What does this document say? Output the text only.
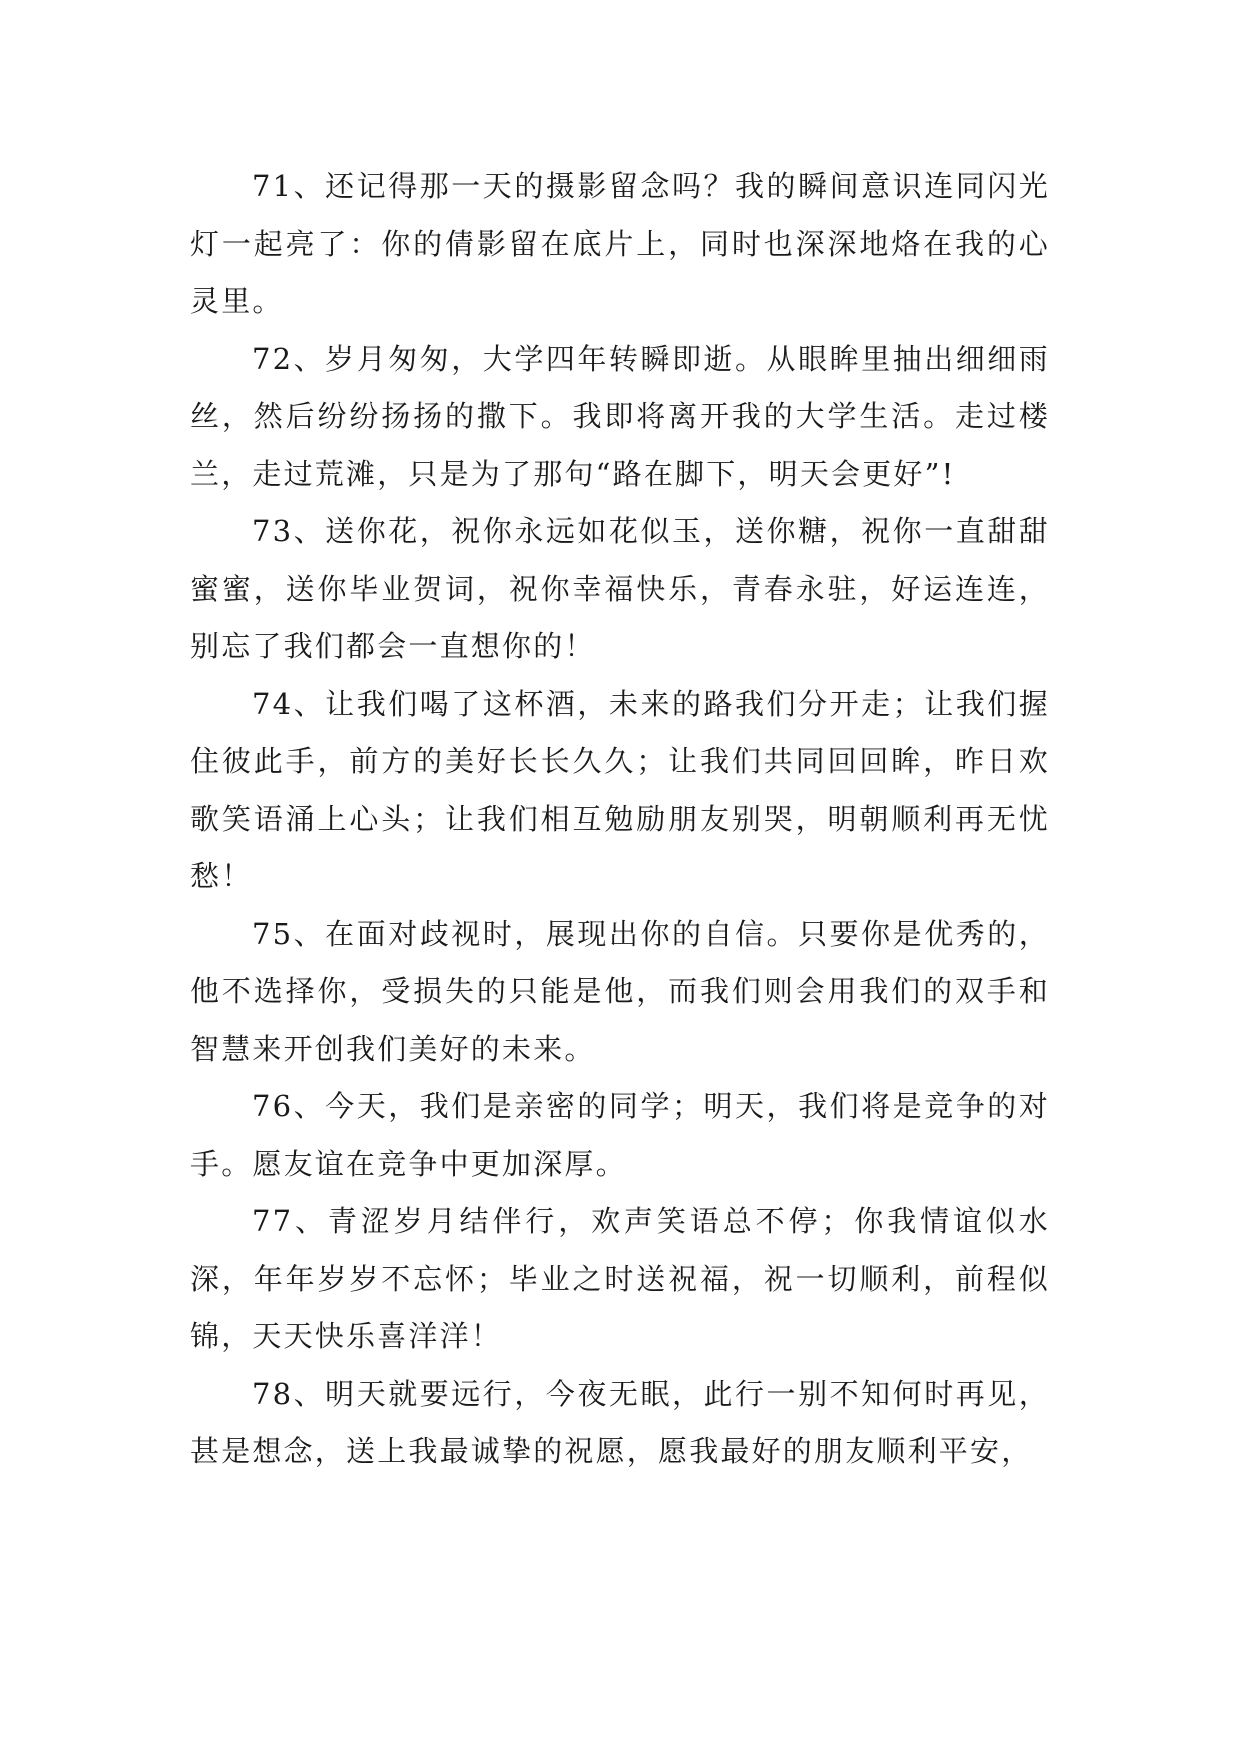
71、还记得那一天的摄影留念吗？我的瞬间意识连同闪光灯一起亮了：你的倩影留在底片上，同时也深深地烙在我的心灵里。

72、岁月匆匆，大学四年转瞬即逝。从眼眸里抽出细细雨丝，然后纷纷扬扬的撒下。我即将离开我的大学生活。走过楼兰，走过荒滩，只是为了那句“路在脚下，明天会更好”!

73、送你花，祝你永远如花似玉，送你糖，祝你一直甜甜蜜蜜，送你毕业贺词，祝你幸福快乐，青春永驻，好运连连，别忘了我们都会一直想你的！

74、让我们喝了这杯酒，未来的路我们分开走；让我们握住彼此手，前方的美好长长久久；让我们共同回回眸，昨日欢歌笑语涌上心头；让我们相互勉励朋友别哭，明朝顺利再无忧愁！

75、在面对歧视时，展现出你的自信。只要你是优秀的，他不选择你，受损失的只能是他，而我们则会用我们的双手和智慧来开创我们美好的未来。

76、今天，我们是亲密的同学；明天，我们将是竞争的对手。愿友谊在竞争中更加深厚。

77、青涩岁月结伴行，欢声笑语总不停；你我情谊似水深，年年岁岁不忘怀；毕业之时送祝福，祝一切顺利，前程似锦，天天快乐喜洋洋！

78、明天就要远行，今夜无眠，此行一别不知何时再见，甚是想念，送上我最诚挚的祝愿，愿我最好的朋友顺利平安，
